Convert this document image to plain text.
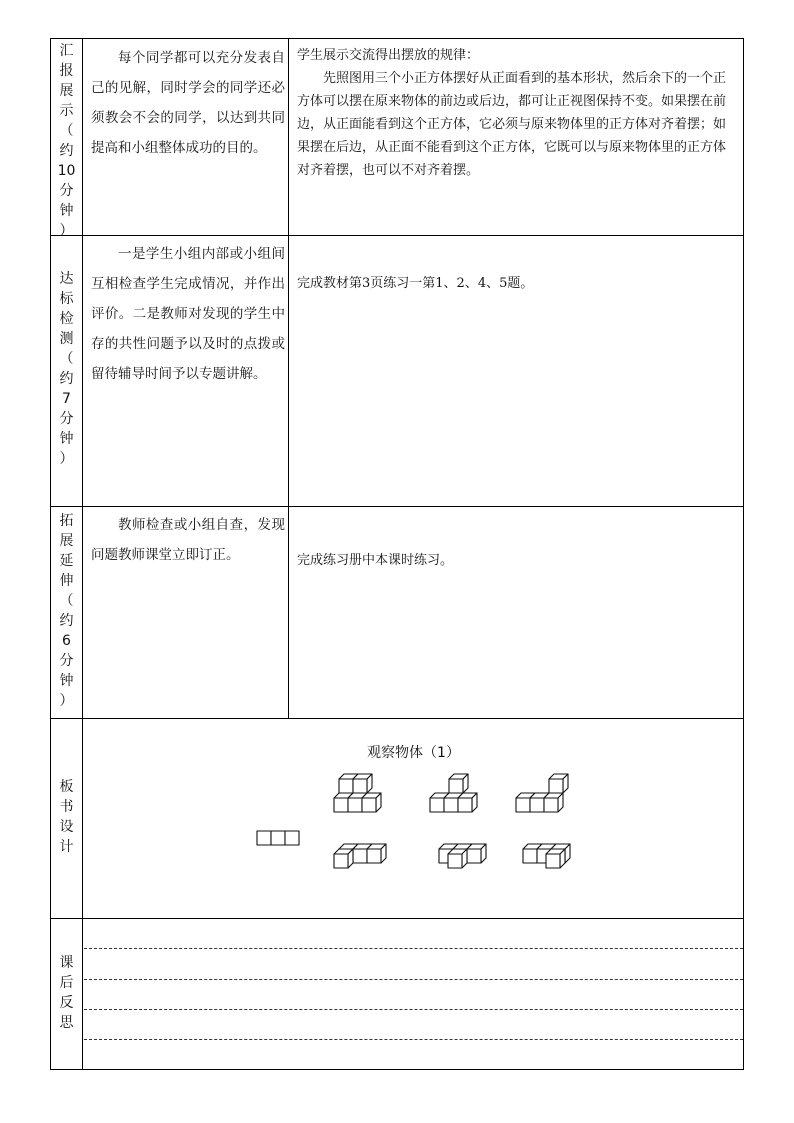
汇
报
展
示
（
约
10
分
钟
）

每个同学都可以充分发表自己的见解，同时学会的同学还必须教会不会的同学，以达到共同提高和小组整体成功的目的。

学生展示交流得出摆放的规律：

先照图用三个小正方体摆好从正面看到的基本形状，然后余下的一个正方体可以摆在原来物体的前边或后边，都可让正视图保持不变。如果摆在前边，从正面能看到这个正方体，它必须与原来物体里的正方体对齐着摆；如果摆在后边，从正面不能看到这个正方体，它既可以与原来物体里的正方体对齐着摆，也可以不对齐着摆。

达
标
检
测
（
约
7
分
钟
）

一是学生小组内部或小组间互相检查学生完成情况，并作出评价。二是教师对发现的学生中存的共性问题予以及时的点拨或留待辅导时间予以专题讲解。

完成教材第3页练习一第1、2、4、5题。

拓
展
延
伸
（
约
6
分
钟
）

教师检查或小组自查，发现问题教师课堂立即订正。	完成练习册中本课时练习。

板
书
设
计
观察物体（1）
课
后
反
思
